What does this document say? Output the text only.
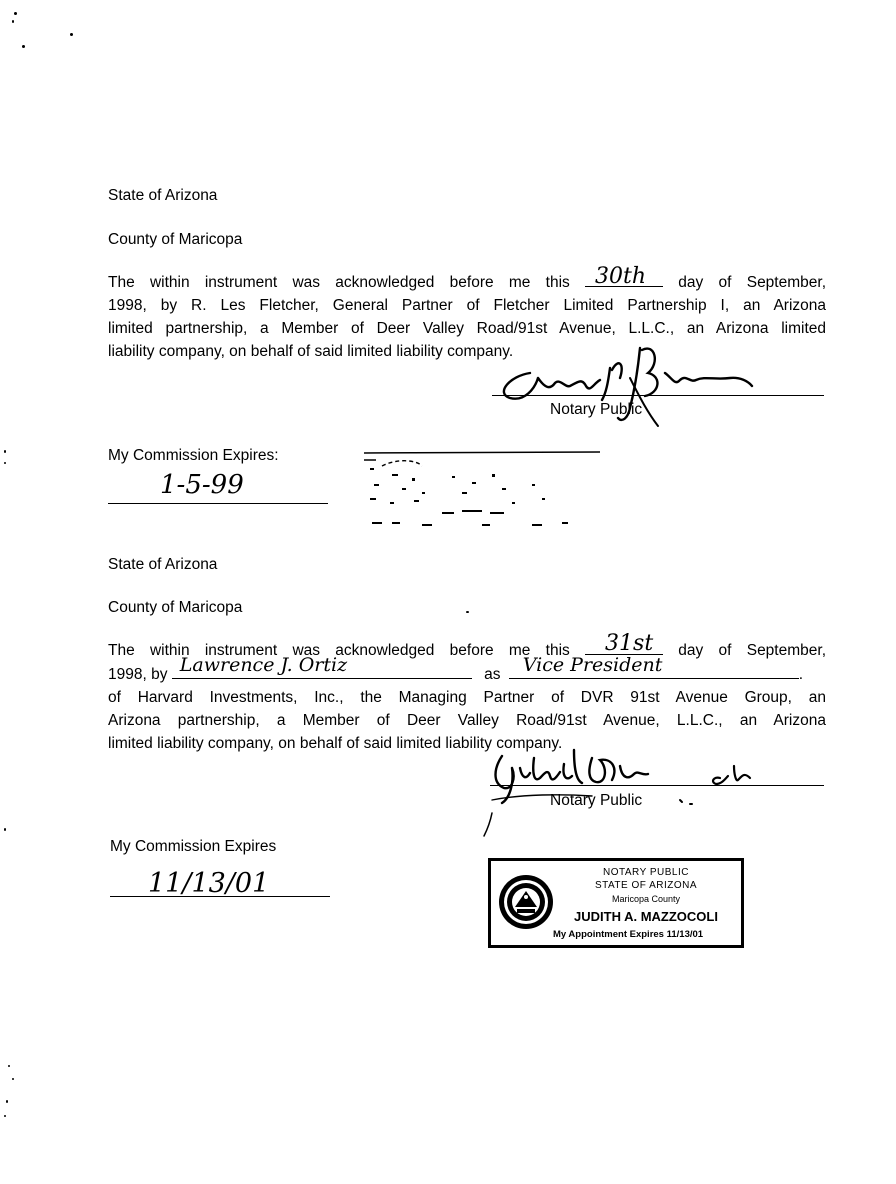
State of Arizona
County of Maricopa
The within instrument was acknowledged before me this 30th day of September,
1998, by R. Les Fletcher, General Partner of Fletcher Limited Partnership I, an Arizona
limited partnership, a Member of Deer Valley Road/91st Avenue, L.L.C., an Arizona limited
liability company, on behalf of said limited liability company.
Notary Public
My Commission Expires:
1-5-99
State of Arizona
County of Maricopa
The within instrument was acknowledged before me this 31st day of September,
1998, by Lawrence J. Ortiz	as Vice President	.
of Harvard Investments, Inc., the Managing Partner of DVR 91st Avenue Group, an
Arizona partnership, a Member of Deer Valley Road/91st Avenue, L.L.C., an Arizona
limited liability company, on behalf of said limited liability company.
Notary Public
My Commission Expires
11/13/01	NOTARY PUBLIC
STATE OF ARIZONA
Maricopa County
JUDITH A. MAZZOCOLI
My Appointment Expires 11/13/01
